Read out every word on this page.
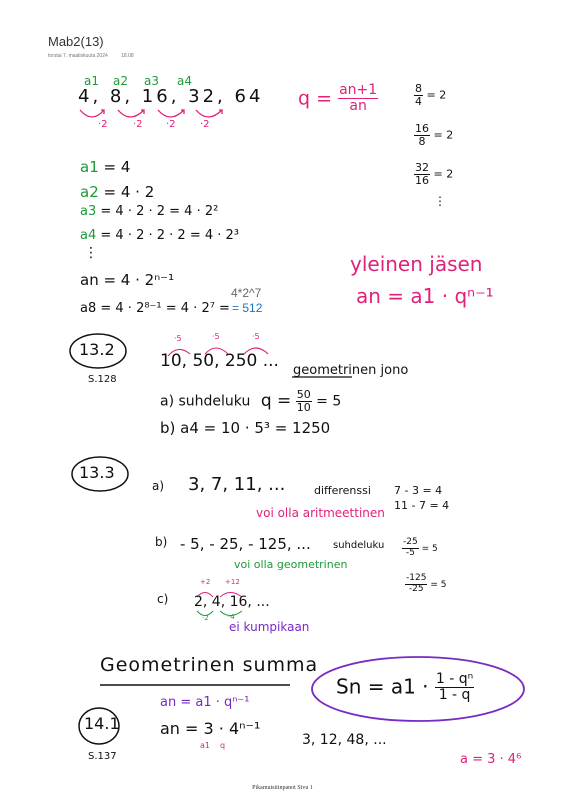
Mab2(13)
torstai 7. maaliskuuta 2024	18.08
a1 a2 a3 a4
4, 8, 16, 32, 64
·2	·2 ·2 ·2
$q = \frac{an+1}{an}$	$\frac{8}{4} = 2$
$\frac{16}{8} = 2$
$\frac{32}{16} = 2$
⋮
a1 = 4
a2 = 4 · 2
a3 = 4 · 2 · 2 = 4 · 2²
a4 = 4 · 2 · 2 · 2 = 4 · 2³
⋮
an = 4 · 2ⁿ⁻¹
a8 = 4 · 2⁸⁻¹ = 4 · 2⁷ =
4*2^7
= 512
yleinen jäsen
an = a1 · qⁿ⁻¹
13.2
S.128
·5	·5	·5
10, 50, 250 ... geometrinen jono
a) suhdeluku $q = \frac{50}{10} = 5$
b) a4 = 10 · 5³ = 1250
13.3
a) 3, 7, 11, ...	differenssi 7 - 3 = 4
11 - 7 = 4
voi olla aritmeettinen
b) - 5, - 25, - 125, ... suhdeluku $\frac{-25}{-5} = 5$
$\frac{-125}{-25} = 5$
voi olla geometrinen
c)
+2 +12
2, 4, 16, ...
·2	·4
ei kumpikaan
Geometrinen summa
$Sn = a1 \cdot \frac{\text{1 - qⁿ}}{1 - q}$
14.1
S.137
an = a1 · qⁿ⁻¹
an = 3 · 4ⁿ⁻¹
a1 q	3, 12, 48, ...
a = 3 · 4⁶
Pikamuistiinpanot Sivu 1
